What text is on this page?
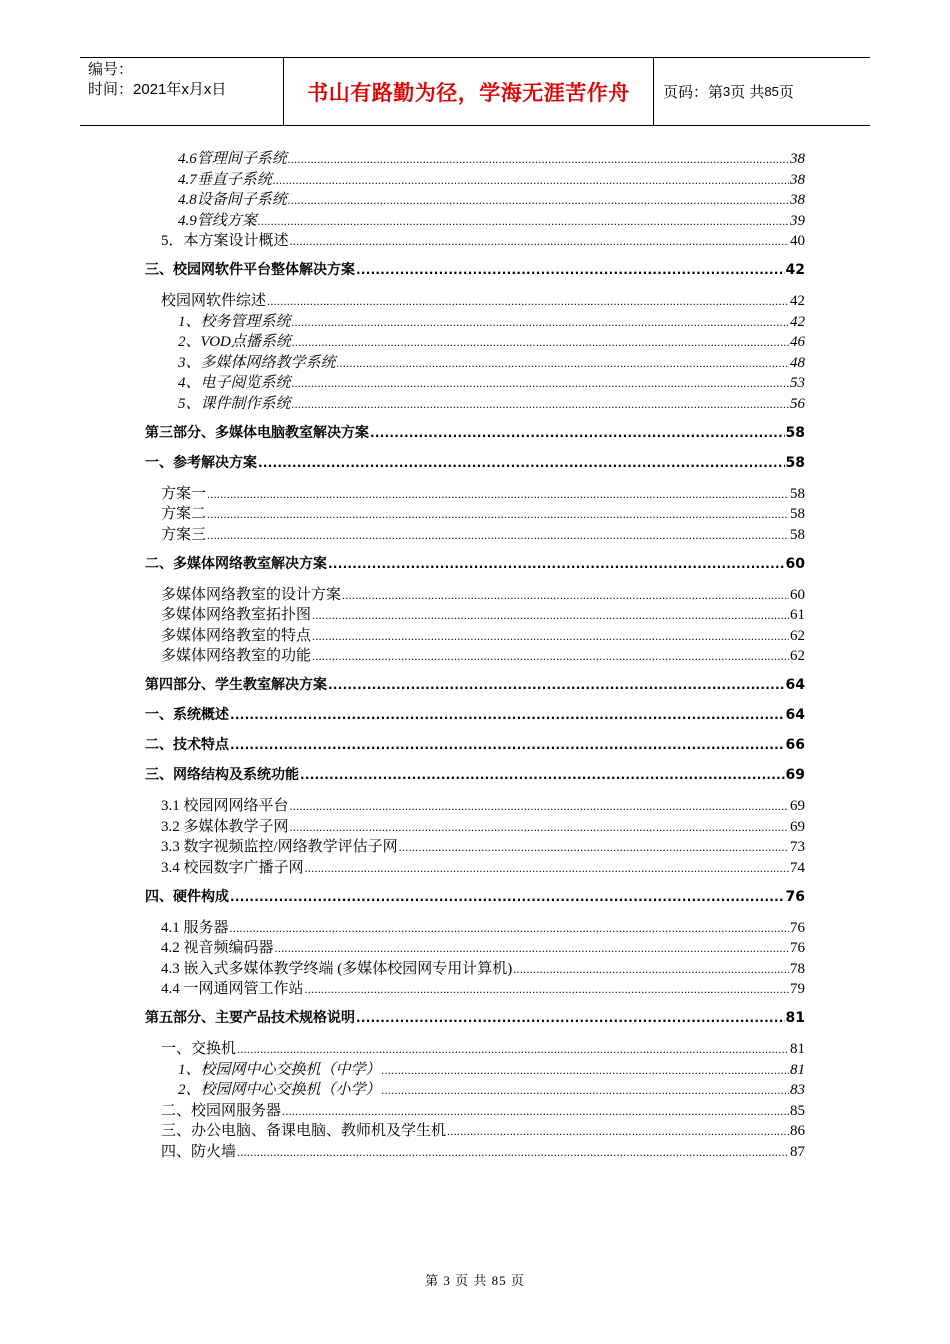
编号：
时间：2021年x月x日	书山有路勤为径，学海无涯苦作舟	页码：第 3 页 共 85 页
4.6管理间子系统 .....	38
4.7垂直子系统 .....	38
4.8设备间子系统 .....	38
4.9管线方案 .....	39
5．本方案设计概述 .....	40
三、校园网软件平台整体解决方案 .....	42
校园网软件综述 .....	42
1、校务管理系统 .....	42
2、VOD点播系统 .....	46
3、多媒体网络教学系统 .....	48
4、电子阅览系统 .....	53
5、课件制作系统 .....	56
第三部分、多媒体电脑教室解决方案 .....	58
一、参考解决方案 .....	58
方案一 .....	58
方案二 .....	58
方案三 .....	58
二、多媒体网络教室解决方案 .....	60
多媒体网络教室的设计方案 .....	60
多媒体网络教室拓扑图 .....	61
多媒体网络教室的特点 .....	62
多媒体网络教室的功能 .....	62
第四部分、学生教室解决方案 .....	64
一、系统概述 .....	64
二、技术特点 .....	66
三、网络结构及系统功能 .....	69
3.1 校园网网络平台 .....	69
3.2 多媒体教学子网 .....	69
3.3 数字视频监控/网络教学评估子网 .....	73
3.4 校园数字广播子网 .....	74
四、硬件构成 .....	76
4.1 服务器 .....	76
4.2 视音频编码器 .....	76
4.3 嵌入式多媒体教学终端 (多媒体校园网专用计算机) .....	78
4.4 一网通网管工作站 .....	79
第五部分、主要产品技术规格说明 .....	81
一、交换机 .....	81
1、校园网中心交换机（中学） .....	81
2、校园网中心交换机（小学） .....	83
二、校园网服务器 .....	85
三、办公电脑、备课电脑、教师机及学生机 .....	86
四、防火墙 .....	87
第 3 页 共 85 页
